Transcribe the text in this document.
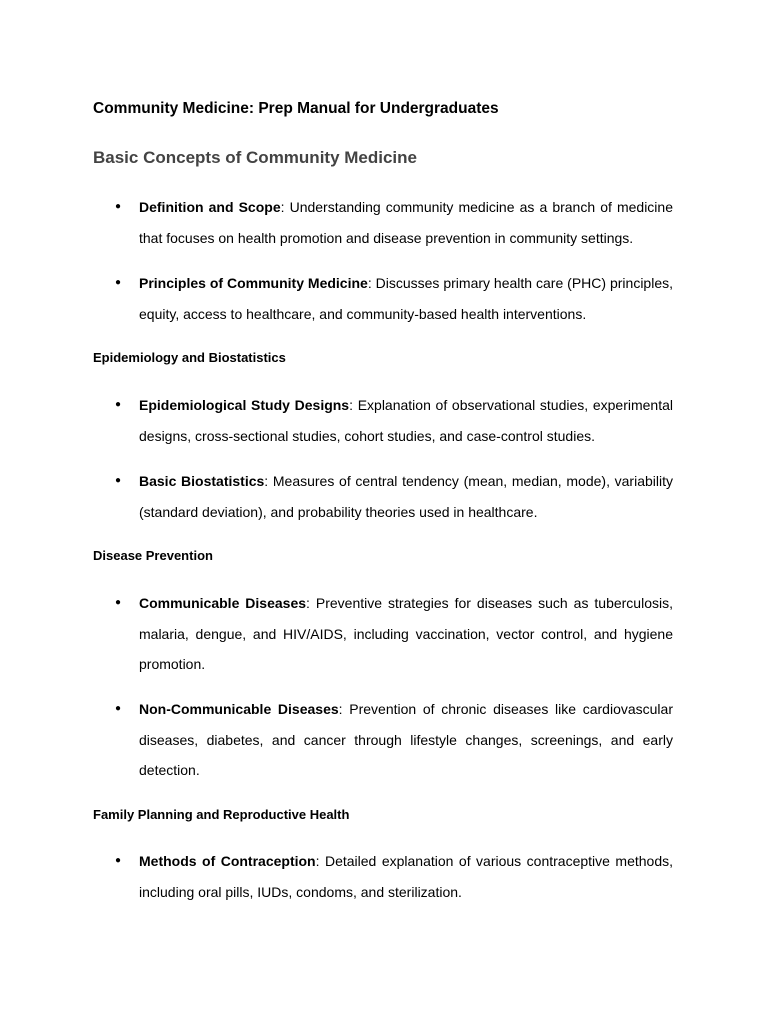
Community Medicine: Prep Manual for Undergraduates
Basic Concepts of Community Medicine
● Definition and Scope: Understanding community medicine as a branch of medicine that focuses on health promotion and disease prevention in community settings.
● Principles of Community Medicine: Discusses primary health care (PHC) principles, equity, access to healthcare, and community-based health interventions.
Epidemiology and Biostatistics
● Epidemiological Study Designs: Explanation of observational studies, experimental designs, cross-sectional studies, cohort studies, and case-control studies.
● Basic Biostatistics: Measures of central tendency (mean, median, mode), variability (standard deviation), and probability theories used in healthcare.
Disease Prevention
● Communicable Diseases: Preventive strategies for diseases such as tuberculosis, malaria, dengue, and HIV/AIDS, including vaccination, vector control, and hygiene promotion.
● Non-Communicable Diseases: Prevention of chronic diseases like cardiovascular diseases, diabetes, and cancer through lifestyle changes, screenings, and early detection.
Family Planning and Reproductive Health
● Methods of Contraception: Detailed explanation of various contraceptive methods, including oral pills, IUDs, condoms, and sterilization.
